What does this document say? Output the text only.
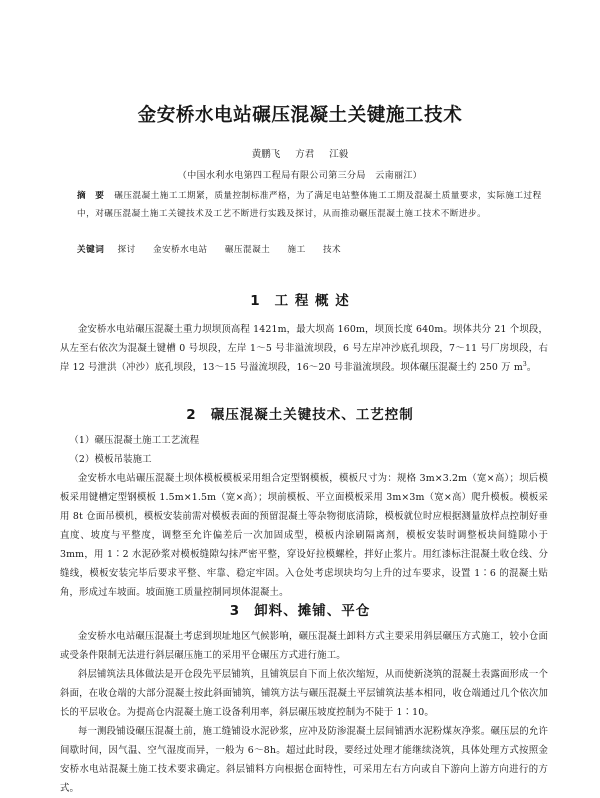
金安桥水电站碾压混凝土关键施工技术
黄鹏飞 方君 江毅
（中国水利水电第四工程局有限公司第三分局　云南丽江）
摘　要 碾压混凝土施工工期紧，质量控制标准严格，为了满足电站整体施工工期及混凝土质量要求，实际施工过程中，对碾压混凝土施工关键技术及工艺不断进行实践及探讨，从而推动碾压混凝土施工技术不断进步。
关键词 探讨 金安桥水电站 碾压混凝土 施工 技术
1 工 程 概 述

金安桥水电站碾压混凝土重力坝坝顶高程 1421m，最大坝高 160m，坝顶长度 640m。坝体共分 21 个坝段，从左至右依次为混凝土键槽 0 号坝段，左岸 1～5 号非溢流坝段，6 号左岸冲沙底孔坝段，7～11 号厂房坝段，右岸 12 号泄洪（冲沙）底孔坝段，13～15 号溢流坝段，16～20 号非溢流坝段。坝体碾压混凝土约 250 万 $m^3$。

2 碾压混凝土关键技术、工艺控制

（1）碾压混凝土施工工艺流程

（2）模板吊装施工

金安桥水电站碾压混凝土坝体模板模板采用组合定型钢模板，模板尺寸为：规格 3m×3.2m（宽×高）；坝后模板采用键槽定型钢模板 1.5m×1.5m（宽×高）；坝前模板、平立面模板采用 3m×3m（宽×高）爬升模板。模板采用 8t 仓面吊模机，模板安装前需对模板表面的预留混凝土等杂物彻底清除，模板就位时应根据测量放样点控制好垂直度、坡度与平整度，调整至允许偏差后一次加固成型，模板内涂刷隔离剂，模板安装时调整板块间缝隙小于 3mm，用 1∶2 水泥砂浆对模板缝隙勾抹严密平整，穿设好拉模螺栓，拌好止浆片。用红漆标注混凝土收仓线、分缝线，模板安装完毕后要求平整、牢靠、稳定牢固。入仓处考虑坝块均匀上升的过车要求，设置 1∶6 的混凝土贴角，形成过车坡面。坡面施工质量控制同坝体混凝土。

3 卸料、摊铺、平仓

金安桥水电站碾压混凝土考虑到坝址地区气候影响，碾压混凝土卸料方式主要采用斜层碾压方式施工，较小仓面或受条件限制无法进行斜层碾压施工的采用平仓碾压方式进行施工。

斜层铺筑法具体做法是开仓段先平层铺筑，且铺筑层自下而上依次缩短，从而使新浇筑的混凝土表露面形成一个斜面，在收仓端的大部分混凝土按此斜面铺筑，铺筑方法与碾压混凝土平层铺筑法基本相同，收仓端通过几个依次加长的平层收仓。为提高仓内混凝土施工设备利用率，斜层碾压坡度控制为不陡于 1∶10。

每一测段铺设碾压混凝土前，施工缝铺设水泥砂浆，应冲及防渗混凝土层间铺洒水泥粉煤灰净浆。碾压层的允许间歇时间，因气温、空气湿度而异，一般为 6～8h。超过此时段，要经过处理才能继续浇筑，具体处理方式按照金安桥水电站混凝土施工技术要求确定。斜层铺料方向根据仓面特性，可采用左右方向或自下游向上游方向进行的方式。
